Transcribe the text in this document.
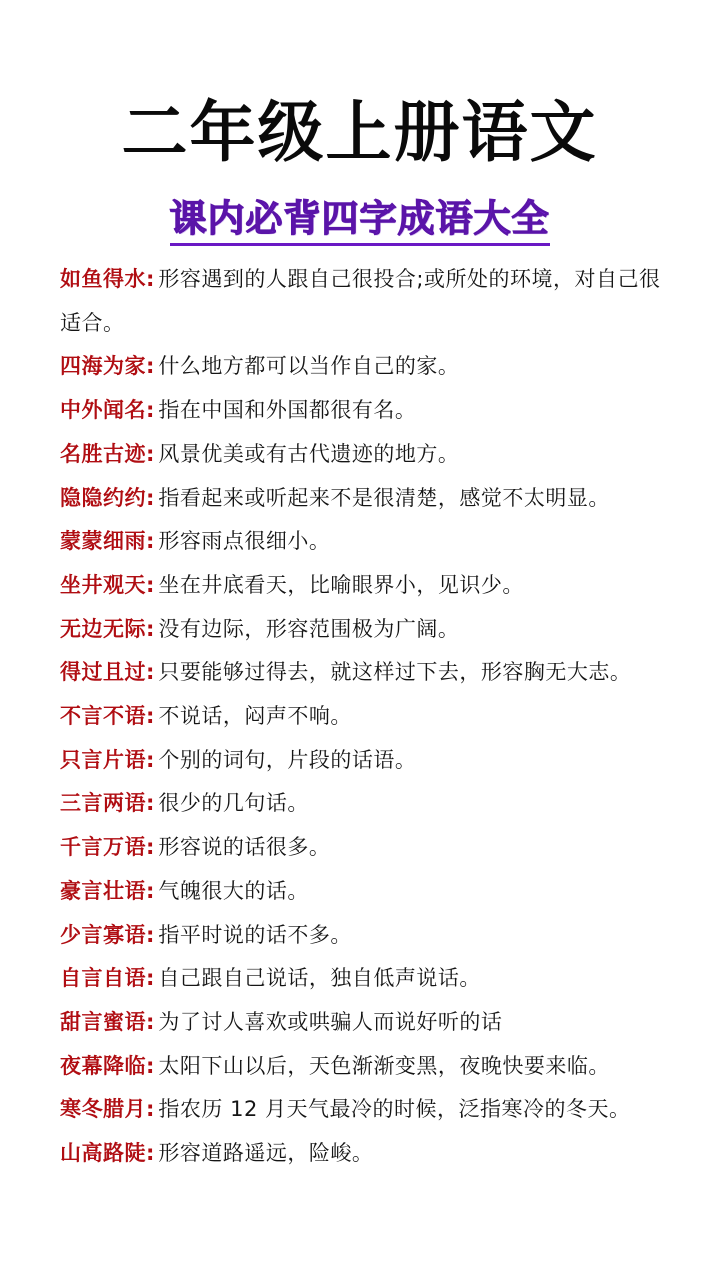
二年级上册语文
课内必背四字成语大全
如鱼得水: 形容遇到的人跟自己很投合;或所处的环境，对自己很适合。
四海为家: 什么地方都可以当作自己的家。
中外闻名: 指在中国和外国都很有名。
名胜古迹: 风景优美或有古代遗迹的地方。
隐隐约约: 指看起来或听起来不是很清楚，感觉不太明显。
蒙蒙细雨: 形容雨点很细小。
坐井观天: 坐在井底看天，比喻眼界小，见识少。
无边无际: 没有边际，形容范围极为广阔。
得过且过: 只要能够过得去，就这样过下去，形容胸无大志。
不言不语: 不说话，闷声不响。
只言片语: 个别的词句，片段的话语。
三言两语: 很少的几句话。
千言万语: 形容说的话很多。
豪言壮语: 气魄很大的话。
少言寡语: 指平时说的话不多。
自言自语: 自己跟自己说话，独自低声说话。
甜言蜜语: 为了讨人喜欢或哄骗人而说好听的话
夜幕降临: 太阳下山以后，天色渐渐变黑，夜晚快要来临。
寒冬腊月: 指农历 12 月天气最冷的时候，泛指寒冷的冬天。
山高路陡: 形容道路遥远，险峻。
